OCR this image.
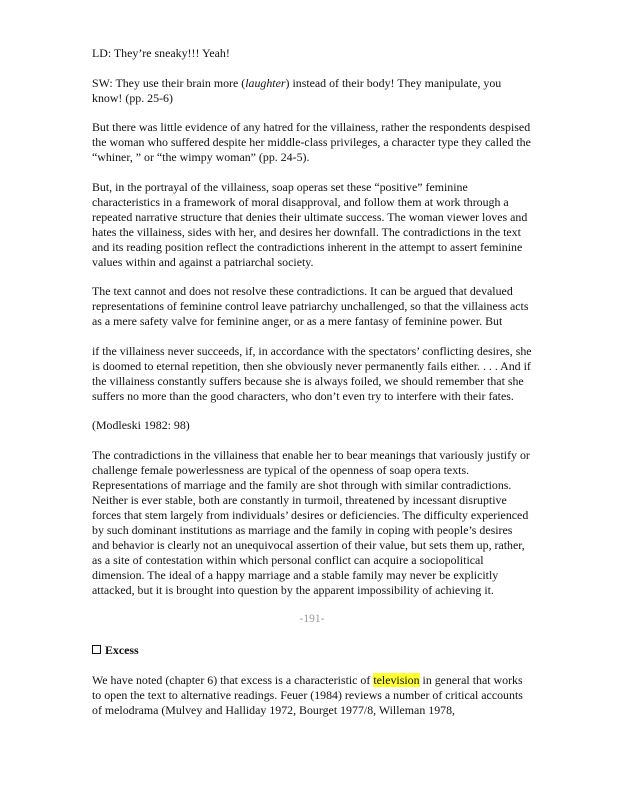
LD: They’re sneaky!!! Yeah!

SW: They use their brain more (laughter) instead of their body! They manipulate, you know! (pp. 25-6)

But there was little evidence of any hatred for the villainess, rather the respondents despised the woman who suffered despite her middle-class privileges, a character type they called the “whiner, ” or “the wimpy woman” (pp. 24-5).

But, in the portrayal of the villainess, soap operas set these “positive” feminine characteristics in a framework of moral disapproval, and follow them at work through a repeated narrative structure that denies their ultimate success. The woman viewer loves and hates the villainess, sides with her, and desires her downfall. The contradictions in the text and its reading position reflect the contradictions inherent in the attempt to assert feminine values within and against a patriarchal society.

The text cannot and does not resolve these contradictions. It can be argued that devalued representations of feminine control leave patriarchy unchallenged, so that the villainess acts as a mere safety valve for feminine anger, or as a mere fantasy of feminine power. But

if the villainess never succeeds, if, in accordance with the spectators’ conflicting desires, she is doomed to eternal repetition, then she obviously never permanently fails either. . . . And if the villainess constantly suffers because she is always foiled, we should remember that she suffers no more than the good characters, who don’t even try to interfere with their fates.

(Modleski 1982: 98)

The contradictions in the villainess that enable her to bear meanings that variously justify or challenge female powerlessness are typical of the openness of soap opera texts. Representations of marriage and the family are shot through with similar contradictions. Neither is ever stable, both are constantly in turmoil, threatened by incessant disruptive forces that stem largely from individuals’ desires or deficiencies. The difficulty experienced by such dominant institutions as marriage and the family in coping with people’s desires and behavior is clearly not an unequivocal assertion of their value, but sets them up, rather, as a site of contestation within which personal conflict can acquire a sociopolitical dimension. The ideal of a happy marriage and a stable family may never be explicitly attacked, but it is brought into question by the apparent impossibility of achieving it.

-191-
Excess

We have noted (chapter 6) that excess is a characteristic of television in general that works to open the text to alternative readings. Feuer (1984) reviews a number of critical accounts of melodrama (Mulvey and Halliday 1972, Bourget 1977/8, Willeman 1978,
